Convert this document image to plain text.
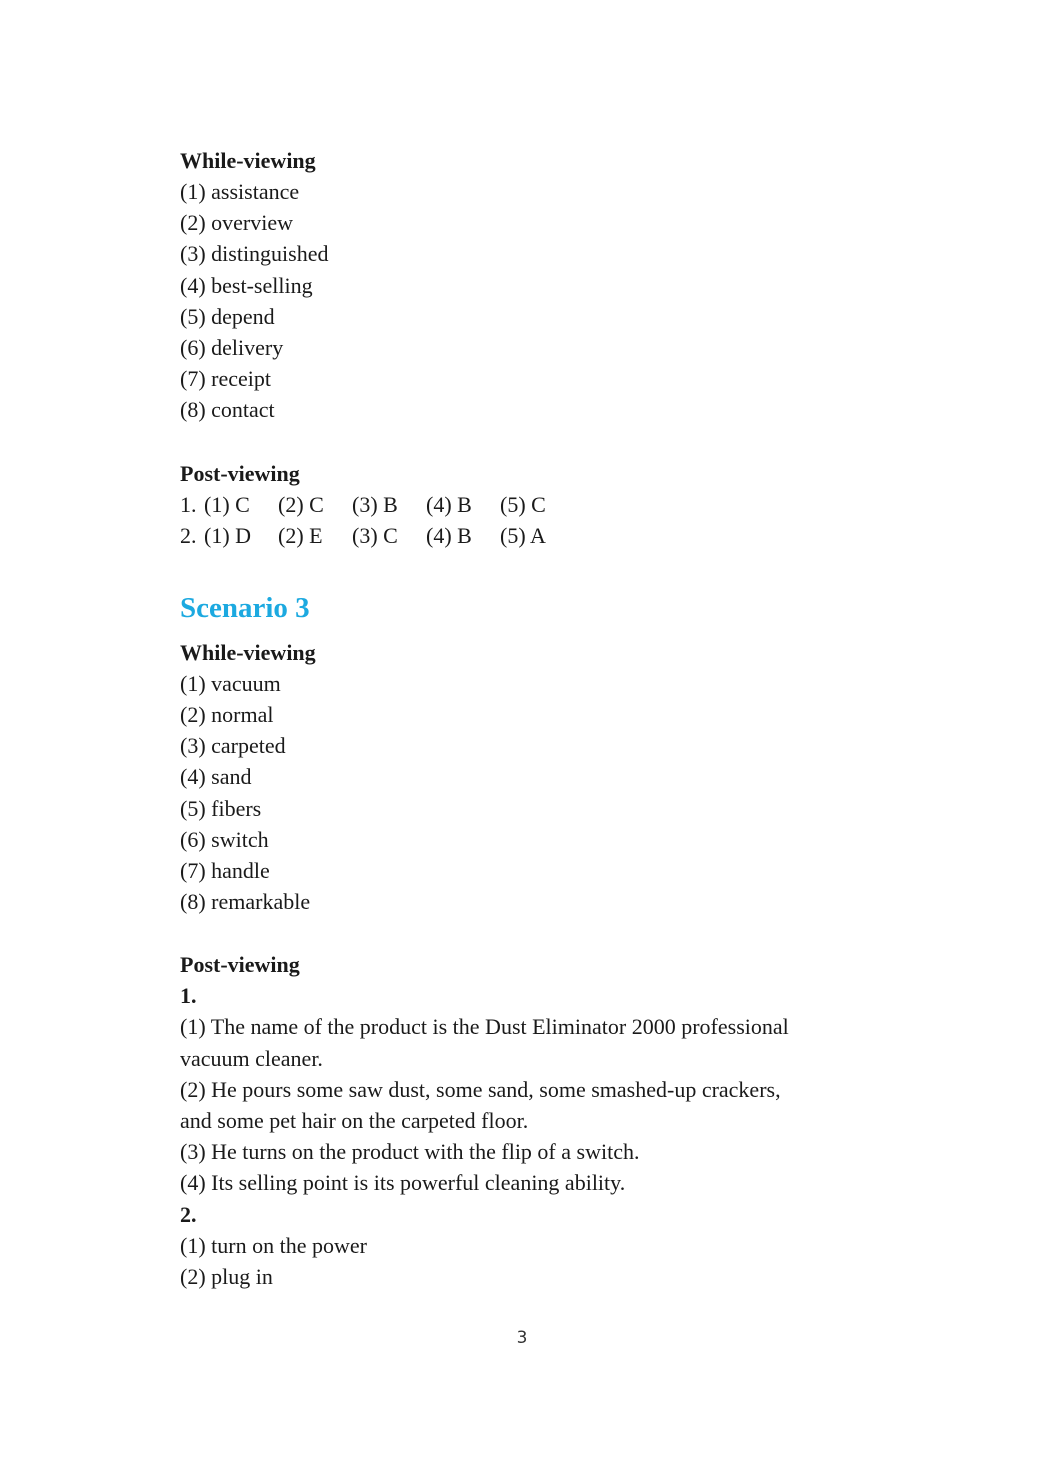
While-viewing
(1) assistance
(2) overview
(3) distinguished
(4) best-selling
(5) depend
(6) delivery
(7) receipt
(8) contact
Post-viewing
1. (1) C (2) C (3) B (4) B (5) C
2. (1) D (2) E (3) C (4) B (5) A
Scenario 3
While-viewing
(1) vacuum
(2) normal
(3) carpeted
(4) sand
(5) fibers
(6) switch
(7) handle
(8) remarkable
Post-viewing
1.
(1) The name of the product is the Dust Eliminator 2000 professional
vacuum cleaner.
(2) He pours some saw dust, some sand, some smashed-up crackers,
and some pet hair on the carpeted floor.
(3) He turns on the product with the flip of a switch.
(4) Its selling point is its powerful cleaning ability.
2.
(1) turn on the power
(2) plug in
3
